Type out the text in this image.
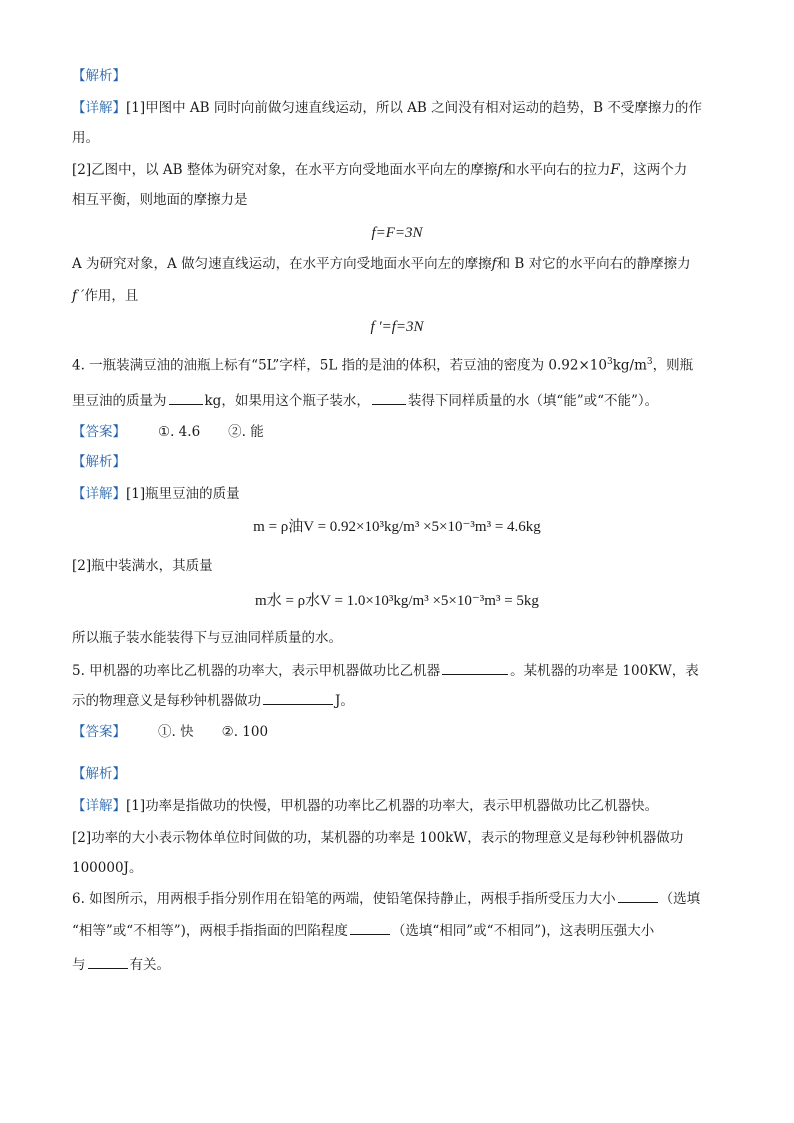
【解析】
【详解】[1]甲图中 AB 同时向前做匀速直线运动，所以 AB 之间没有相对运动的趋势，B 不受摩擦力的作
用。
[2]乙图中，以 AB 整体为研究对象，在水平方向受地面水平向左的摩擦f和水平向右的拉力F，这两个力
相互平衡，则地面的摩擦力是
f=F=3N
A 为研究对象，A 做匀速直线运动，在水平方向受地面水平向左的摩擦f和 B 对它的水平向右的静摩擦力
f ′作用，且
f ′=f=3N
4. 一瓶装满豆油的油瓶上标有“5L”字样，5L 指的是油的体积，若豆油的密度为 $0.92\times 10^3kg/m^3$，则瓶
里豆油的质量为	kg，如果用这个瓶子装水，	装得下同样质量的水（填“能”或“不能”）。
【答案】 ①. 4.6 ②. 能
【解析】
【详解】[1]瓶里豆油的质量
m = ρ油V = 0.92×10³kg/m³ ×5×10⁻³m³ = 4.6kg
[2]瓶中装满水，其质量
m水 = ρ水V = 1.0×10³kg/m³ ×5×10⁻³m³ = 5kg
所以瓶子装水能装得下与豆油同样质量的水。
5. 甲机器的功率比乙机器的功率大，表示甲机器做功比乙机器	。某机器的功率是 100KW，表
示的物理意义是每秒钟机器做功	J。
【答案】 ①. 快 ②. 100
【解析】
【详解】[1]功率是指做功的快慢，甲机器的功率比乙机器的功率大，表示甲机器做功比乙机器快。
[2]功率的大小表示物体单位时间做的功，某机器的功率是 100kW，表示的物理意义是每秒钟机器做功
100000J。
6. 如图所示，用两根手指分别作用在铅笔的两端，使铅笔保持静止，两根手指所受压力大小	（选填
“相等”或“不相等”)，两根手指指面的凹陷程度	（选填“相同”或“不相同”)，这表明压强大小
与	有关。
